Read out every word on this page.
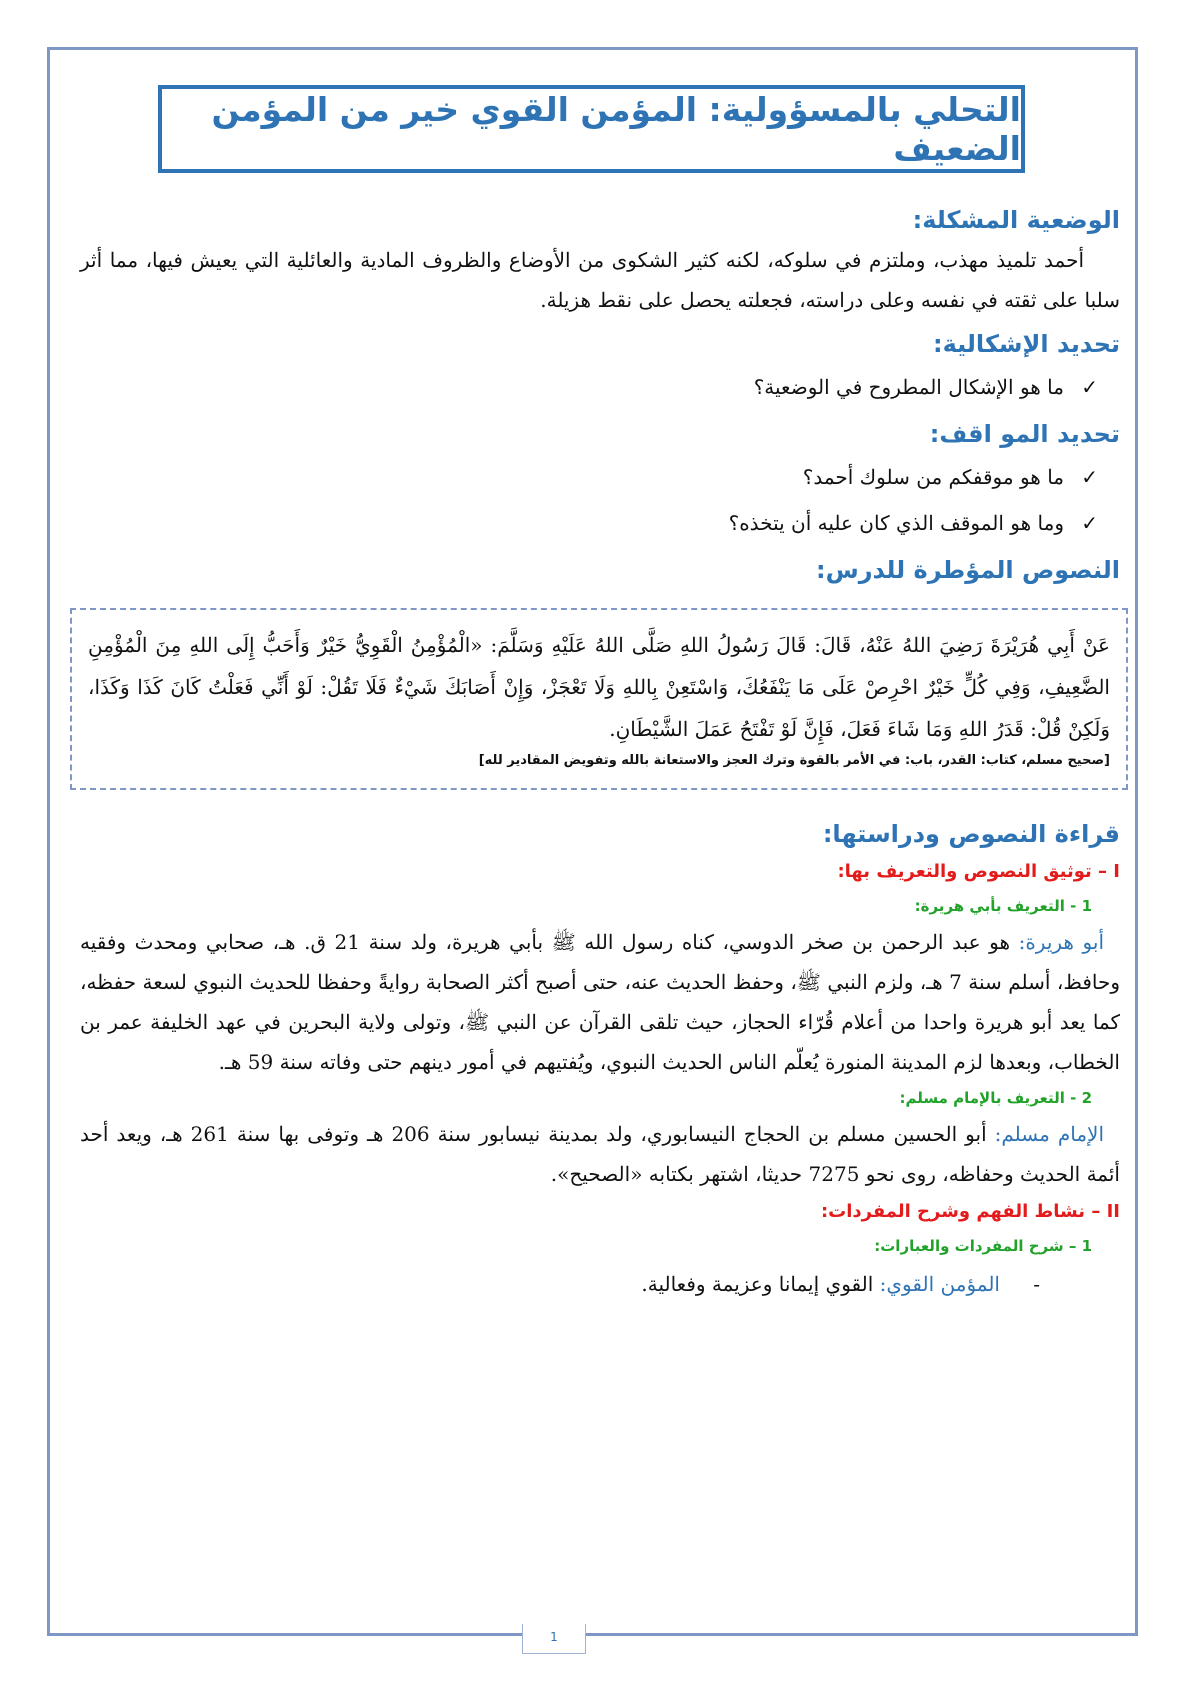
التحلي بالمسؤولية: المؤمن القوي خير من المؤمن الضعيف

الوضعية المشكلة:

أحمد تلميذ مهذب، وملتزم في سلوكه، لكنه كثير الشكوى من الأوضاع والظروف المادية والعائلية التي يعيش فيها، مما أثر سلبا على ثقته في نفسه وعلى دراسته، فجعلته يحصل على نقط هزيلة.

تحديد الإشكالية:

✓ما هو الإشكال المطروح في الوضعية؟

تحديد المو اقف:

✓ما هو موقفكم من سلوك أحمد؟
✓وما هو الموقف الذي كان عليه أن يتخذه؟

النصوص المؤطرة للدرس:

عَنْ أَبِي هُرَيْرَةَ رَضِيَ اللهُ عَنْهُ، قَالَ: قَالَ رَسُولُ اللهِ صَلَّى اللهُ عَلَيْهِ وَسَلَّمَ: «الْمُؤْمِنُ الْقَوِيُّ خَيْرٌ وَأَحَبُّ إِلَى اللهِ مِنَ الْمُؤْمِنِ الضَّعِيفِ، وَفِي كُلٍّ خَيْرٌ احْرِصْ عَلَى مَا يَنْفَعُكَ، وَاسْتَعِنْ بِاللهِ وَلَا تَعْجَزْ، وَإِنْ أَصَابَكَ شَيْءٌ فَلَا تَقُلْ: لَوْ أَنِّي فَعَلْتُ كَانَ كَذَا وَكَذَا، وَلَكِنْ قُلْ: قَدَرُ اللهِ وَمَا شَاءَ فَعَلَ، فَإِنَّ لَوْ تَفْتَحُ عَمَلَ الشَّيْطَانِ.

[صحيح مسلم، كتاب: القدر، باب: في الأمر بالقوة وترك العجز والاستعانة بالله وتفويض المقادير لله]

قراءة النصوص ودراستها:

I – توثيق النصوص والتعريف بها:

1 - التعريف بأبي هريرة:

أبو هريرة: هو عبد الرحمن بن صخر الدوسي، كناه رسول الله ﷺ بأبي هريرة، ولد سنة 21 ق. هـ، صحابي ومحدث وفقيه وحافظ، أسلم سنة 7 هـ، ولزم النبي ﷺ، وحفظ الحديث عنه، حتى أصبح أكثر الصحابة روايةً وحفظا للحديث النبوي لسعة حفظه، كما يعد أبو هريرة واحدا من أعلام قُرّاء الحجاز، حيث تلقى القرآن عن النبي ﷺ، وتولى ولاية البحرين في عهد الخليفة عمر بن الخطاب، وبعدها لزم المدينة المنورة يُعلّم الناس الحديث النبوي، ويُفتيهم في أمور دينهم حتى وفاته سنة 59 هـ.

2 - التعريف بالإمام مسلم:

الإمام مسلم: أبو الحسين مسلم بن الحجاج النيسابوري، ولد بمدينة نيسابور سنة 206 هـ وتوفى بها سنة 261 هـ، ويعد أحد أئمة الحديث وحفاظه، روى نحو 7275 حديثا، اشتهر بكتابه «الصحيح».

II – نشاط الفهم وشرح المفردات:

1 – شرح المفردات والعبارات:

-المؤمن القوي: القوي إيمانا وعزيمة وفعالية.

1
